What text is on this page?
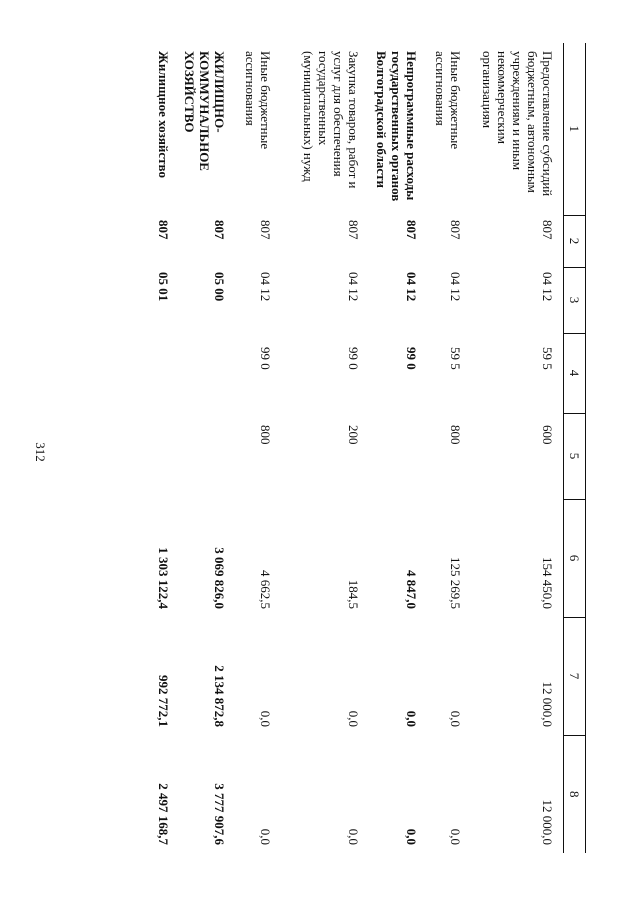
312
1	2	3	4	5	6	7	8
Предоставление субсидий бюджетным, автономным учреждениям и иным некоммерческим организациям	807	04 12	59 5	600	154 450,0	12 000,0	12 000,0
Иные бюджетные ассигнования	807	04 12	59 5	800	125 269,5	0,0	0,0
Непрограммные расходы государственных органов Волгоградской области	807	04 12	99 0		4 847,0	0,0	0,0
Закупка товаров, работ и услуг для обеспечения государственных (муниципальных) нужд	807	04 12	99 0	200	184,5	0,0	0,0
Иные бюджетные ассигнования	807	04 12	99 0	800	4 662,5	0,0	0,0
ЖИЛИЩНО-КОММУНАЛЬНОЕ ХОЗЯЙСТВО	807	05 00			3 069 826,0	2 134 872,8	3 777 907,6
Жилищное хозяйство	807	05 01			1 303 122,4	992 772,1	2 497 168,7
